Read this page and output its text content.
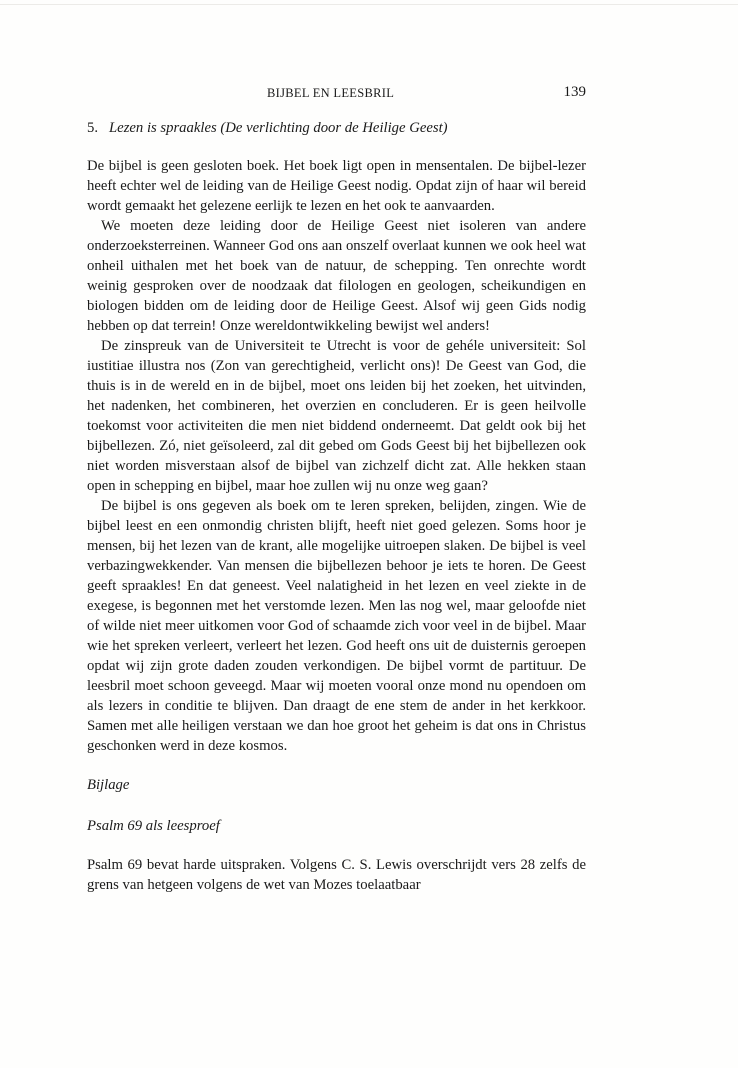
BIJBEL EN LEESBRIL	139
5. Lezen is spraakles (De verlichting door de Heilige Geest)

De bijbel is geen gesloten boek. Het boek ligt open in mensentalen. De bijbel-lezer heeft echter wel de leiding van de Heilige Geest nodig. Opdat zijn of haar wil bereid wordt gemaakt het gelezene eerlijk te lezen en het ook te aanvaarden.

We moeten deze leiding door de Heilige Geest niet isoleren van andere onderzoeksterreinen. Wanneer God ons aan onszelf overlaat kunnen we ook heel wat onheil uithalen met het boek van de natuur, de schepping. Ten onrechte wordt weinig gesproken over de noodzaak dat filologen en geologen, scheikundigen en biologen bidden om de leiding door de Heilige Geest. Alsof wij geen Gids nodig hebben op dat terrein! Onze wereldontwikkeling bewijst wel anders!

De zinspreuk van de Universiteit te Utrecht is voor de gehéle universiteit: Sol iustitiae illustra nos (Zon van gerechtigheid, verlicht ons)! De Geest van God, die thuis is in de wereld en in de bijbel, moet ons leiden bij het zoeken, het uitvinden, het nadenken, het combineren, het overzien en concluderen. Er is geen heilvolle toekomst voor activiteiten die men niet biddend onderneemt. Dat geldt ook bij het bijbellezen. Zó, niet geïsoleerd, zal dit gebed om Gods Geest bij het bijbellezen ook niet worden misverstaan alsof de bijbel van zichzelf dicht zat. Alle hekken staan open in schepping en bijbel, maar hoe zullen wij nu onze weg gaan?

De bijbel is ons gegeven als boek om te leren spreken, belijden, zingen. Wie de bijbel leest en een onmondig christen blijft, heeft niet goed gelezen. Soms hoor je mensen, bij het lezen van de krant, alle mogelijke uitroepen slaken. De bijbel is veel verbazingwekkender. Van mensen die bijbellezen behoor je iets te horen. De Geest geeft spraakles! En dat geneest. Veel nalatigheid in het lezen en veel ziekte in de exegese, is begonnen met het verstomde lezen. Men las nog wel, maar geloofde niet of wilde niet meer uitkomen voor God of schaamde zich voor veel in de bijbel. Maar wie het spreken verleert, verleert het lezen. God heeft ons uit de duisternis geroepen opdat wij zijn grote daden zouden verkondigen. De bijbel vormt de partituur. De leesbril moet schoon geveegd. Maar wij moeten vooral onze mond nu opendoen om als lezers in conditie te blijven. Dan draagt de ene stem de ander in het kerkkoor. Samen met alle heiligen verstaan we dan hoe groot het geheim is dat ons in Christus geschonken werd in deze kosmos.

Bijlage
Psalm 69 als leesproef

Psalm 69 bevat harde uitspraken. Volgens C. S. Lewis overschrijdt vers 28 zelfs de grens van hetgeen volgens de wet van Mozes toelaatbaar
